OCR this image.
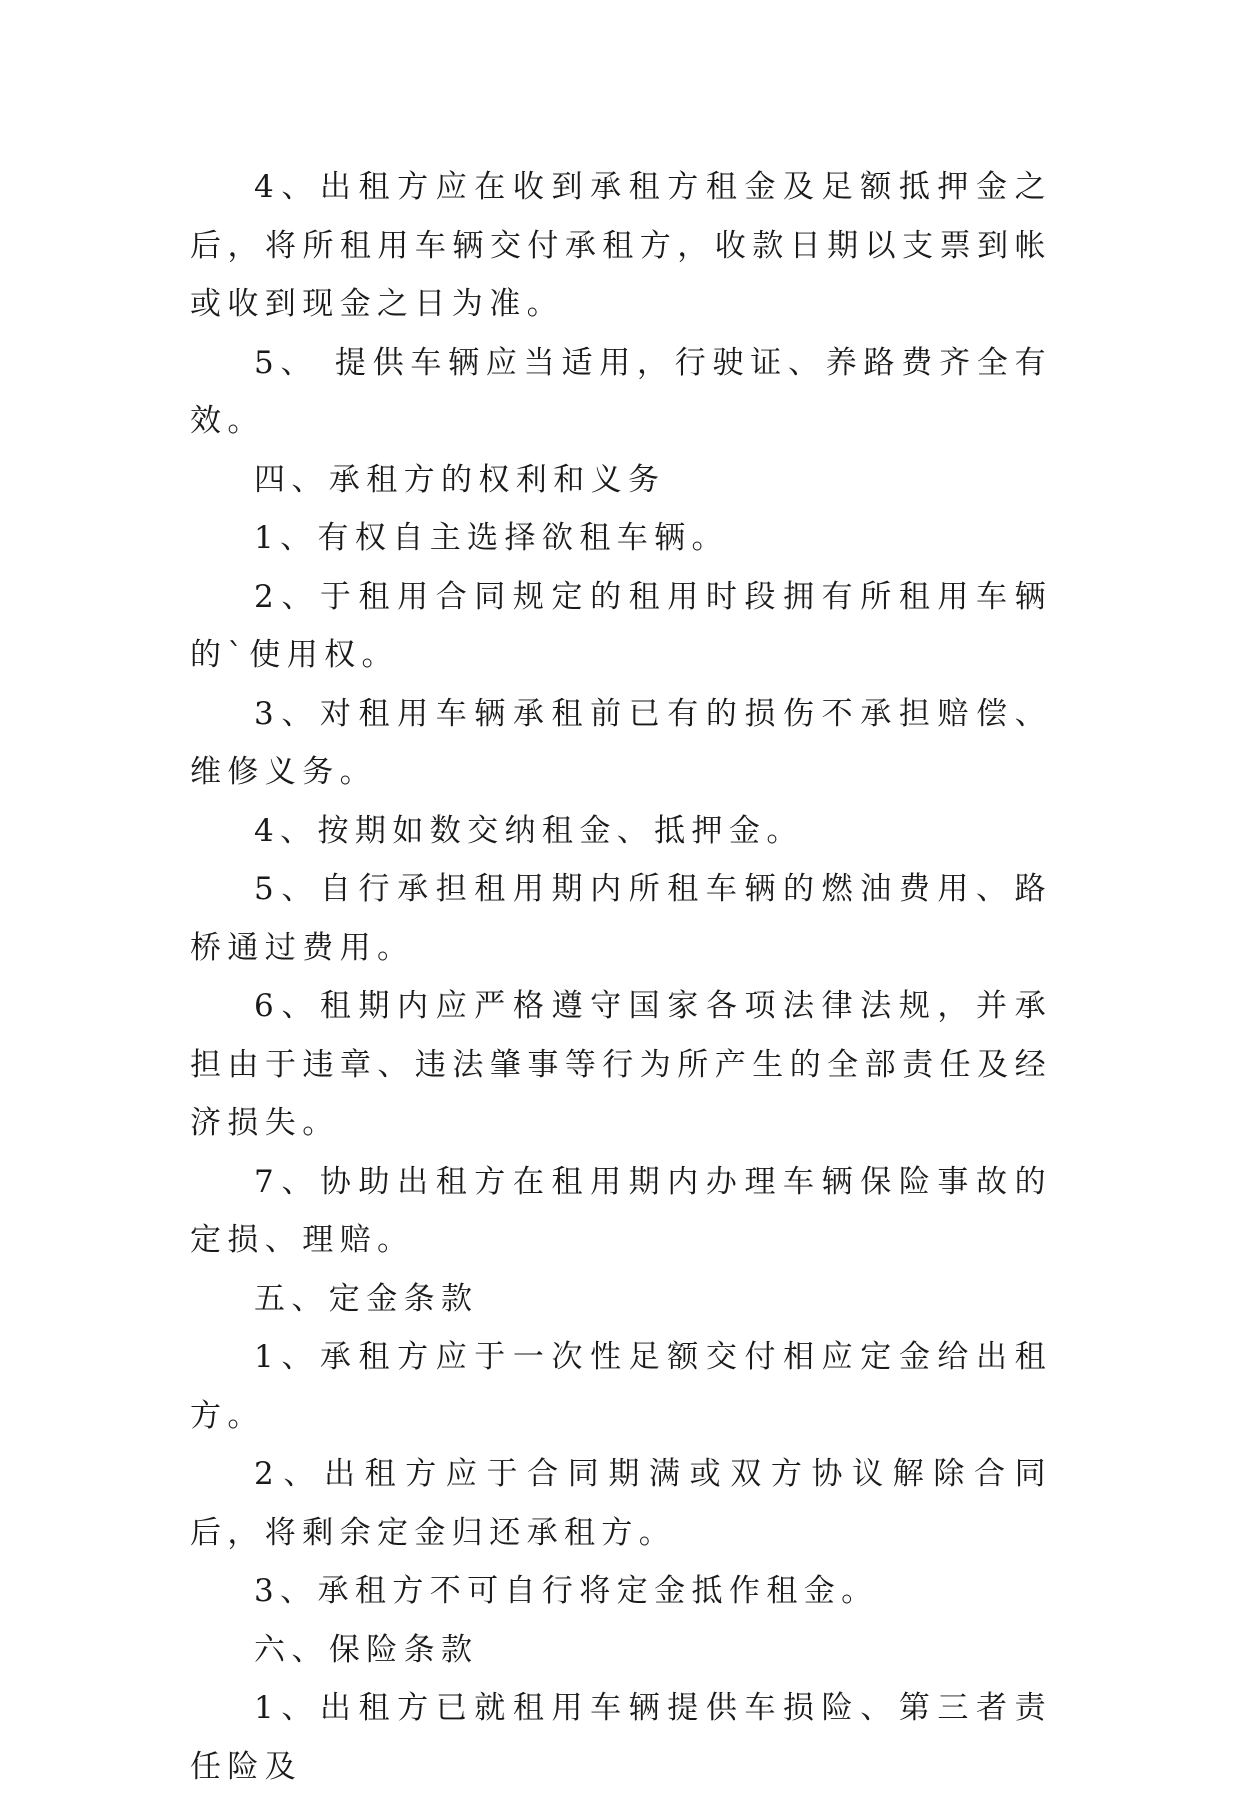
4、出租方应在收到承租方租金及足额抵押金之后，将所租用车辆交付承租方，收款日期以支票到帐或收到现金之日为准。

5、 提供车辆应当适用，行驶证、养路费齐全有效。

四、承租方的权利和义务

1、有权自主选择欲租车辆。

2、于租用合同规定的租用时段拥有所租用车辆的`使用权。

3、对租用车辆承租前已有的损伤不承担赔偿、维修义务。

4、按期如数交纳租金、抵押金。

5、自行承担租用期内所租车辆的燃油费用、路桥通过费用。

6、租期内应严格遵守国家各项法律法规，并承担由于违章、违法肇事等行为所产生的全部责任及经济损失。

7、协助出租方在租用期内办理车辆保险事故的定损、理赔。

五、定金条款

1、承租方应于一次性足额交付相应定金给出租方。

2、出租方应于合同期满或双方协议解除合同后，将剩余定金归还承租方。

3、承租方不可自行将定金抵作租金。

六、保险条款

1、出租方已就租用车辆提供车损险、第三者责任险及
